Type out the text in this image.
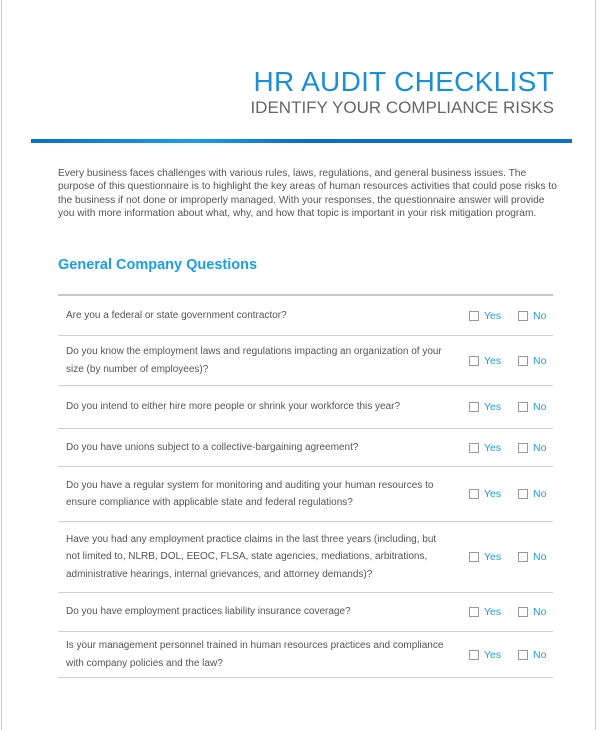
HR AUDIT CHECKLIST
IDENTIFY YOUR COMPLIANCE RISKS
Every business faces challenges with various rules, laws, regulations, and general business issues. The purpose of this questionnaire is to highlight the key areas of human resources activities that could pose risks to the business if not done or improperly managed. With your responses, the questionnaire answer will provide you with more information about what, why, and how that topic is important in your risk mitigation program.
General Company Questions
Are you a federal or state government contractor?	Yes	No
Do you know the employment laws and regulations impacting an organization of your size (by number of employees)?
Yes	No
Do you intend to either hire more people or shrink your workforce this year?	Yes	No
Do you have unions subject to a collective-bargaining agreement?	Yes	No
Do you have a regular system for monitoring and auditing your human resources to ensure compliance with applicable state and federal regulations?
Yes	No
Have you had any employment practice claims in the last three years (including, but not limited to, NLRB, DOL, EEOC, FLSA, state agencies, mediations, arbitrations, administrative hearings, internal grievances, and attorney demands)?
Yes	No
Do you have employment practices liability insurance coverage?	Yes	No
Is your management personnel trained in human resources practices and compliance with company policies and the law?
Yes	No
